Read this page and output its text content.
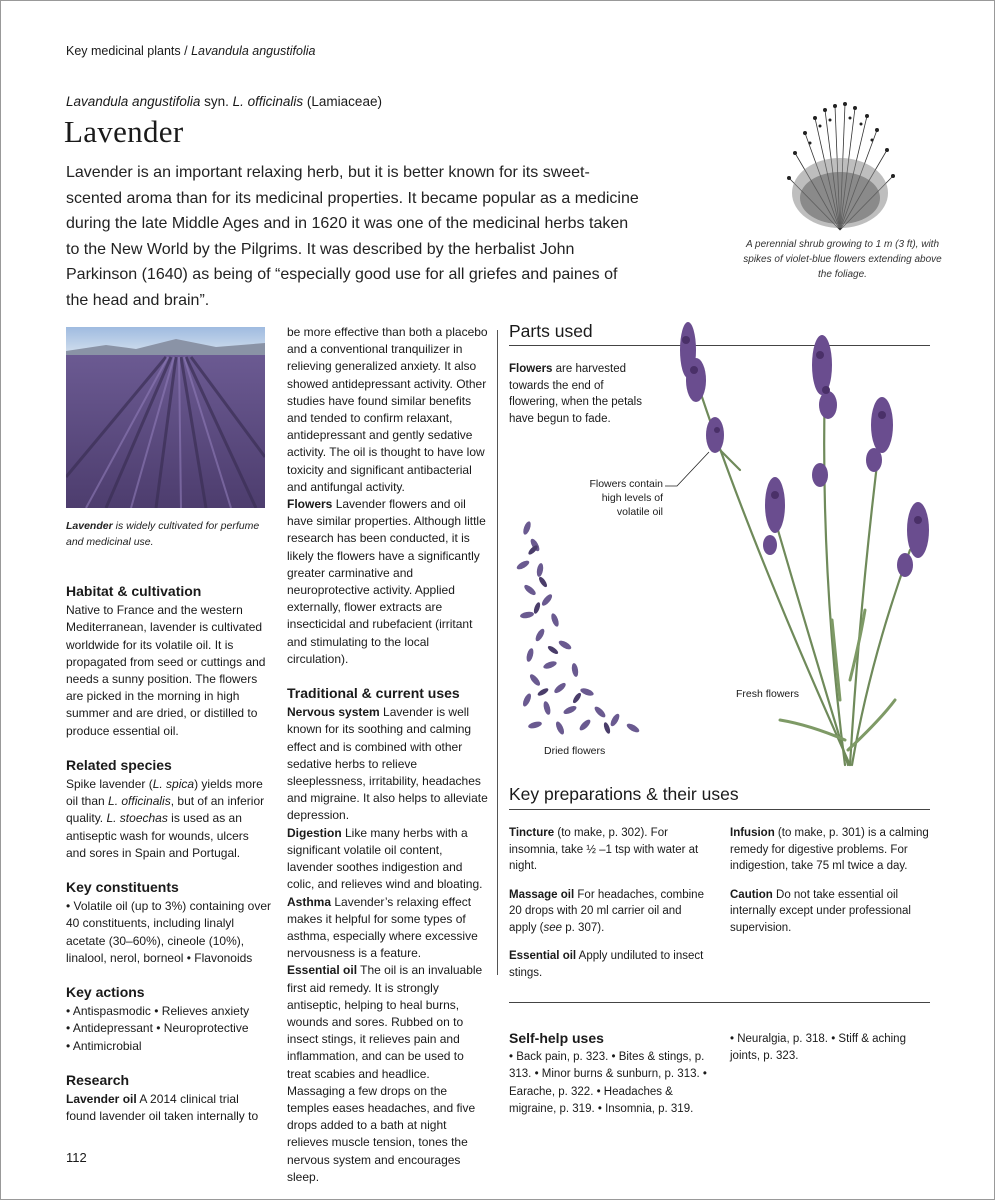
Key medicinal plants / Lavandula angustifolia
Lavandula angustifolia syn. L. officinalis (Lamiaceae)
Lavender
Lavender is an important relaxing herb, but it is better known for its sweet-scented aroma than for its medicinal properties. It became popular as a medicine during the late Middle Ages and in 1620 it was one of the medicinal herbs taken to the New World by the Pilgrims. It was described by the herbalist John Parkinson (1640) as being of “especially good use for all griefes and paines of the head and brain”.
A perennial shrub growing to 1 m (3 ft), with spikes of violet-blue flowers extending above the foliage.
Lavender is widely cultivated for perfume and medicinal use.
Habitat & cultivation

Native to France and the western Mediterranean, lavender is cultivated worldwide for its volatile oil. It is propagated from seed or cuttings and needs a sunny position. The flowers are picked in the morning in high summer and are dried, or distilled to produce essential oil.

Related species

Spike lavender (L. spica) yields more oil than L. officinalis, but of an inferior quality. L. stoechas is used as an antiseptic wash for wounds, ulcers and sores in Spain and Portugal.

Key constituents

• Volatile oil (up to 3%) containing over 40 constituents, including linalyl acetate (30–60%), cineole (10%), linalool, nerol, borneol • Flavonoids

Key actions

• Antispasmodic • Relieves anxiety

• Antidepressant • Neuroprotective

• Antimicrobial

Research

Lavender oil A 2014 clinical trial found lavender oil taken internally to

be more effective than both a placebo and a conventional tranquilizer in relieving generalized anxiety. It also showed antidepressant activity. Other studies have found similar benefits and tended to confirm relaxant, antidepressant and gently sedative activity. The oil is thought to have low toxicity and significant antibacterial and antifungal activity.

Flowers Lavender flowers and oil have similar properties. Although little research has been conducted, it is likely the flowers have a significantly greater carminative and neuroprotective activity. Applied externally, flower extracts are insecticidal and rubefacient (irritant and stimulating to the local circulation).

Traditional & current uses

Nervous system Lavender is well known for its soothing and calming effect and is combined with other sedative herbs to relieve sleeplessness, irritability, headaches and migraine. It also helps to alleviate depression.

Digestion Like many herbs with a significant volatile oil content, lavender soothes indigestion and colic, and relieves wind and bloating.

Asthma Lavender’s relaxing effect makes it helpful for some types of asthma, especially where excessive nervousness is a feature.

Essential oil The oil is an invaluable first aid remedy. It is strongly antiseptic, helping to heal burns, wounds and sores. Rubbed on to insect stings, it relieves pain and inflammation, and can be used to treat scabies and headlice. Massaging a few drops on the temples eases headaches, and five drops added to a bath at night relieves muscle tension, tones the nervous system and encourages sleep.

Parts used
Flowers are harvested towards the end of flowering, when the petals have begun to fade.
Flowers contain high levels of volatile oil
Fresh flowers
Dried flowers
Key preparations & their uses

Tincture (to make, p. 302). For insomnia, take ½ –1 tsp with water at night.

Massage oil For headaches, combine 20 drops with 20 ml carrier oil and apply (see p. 307).

Essential oil Apply undiluted to insect stings.

Infusion (to make, p. 301) is a calming remedy for digestive problems. For indigestion, take 75 ml twice a day.

Caution Do not take essential oil internally except under professional supervision.

Self-help uses
• Back pain, p. 323. • Bites & stings, p. 313. • Minor burns & sunburn, p. 313. • Earache, p. 322. • Headaches & migraine, p. 319. • Insomnia, p. 319.
• Neuralgia, p. 318. • Stiff & aching joints, p. 323.
112
